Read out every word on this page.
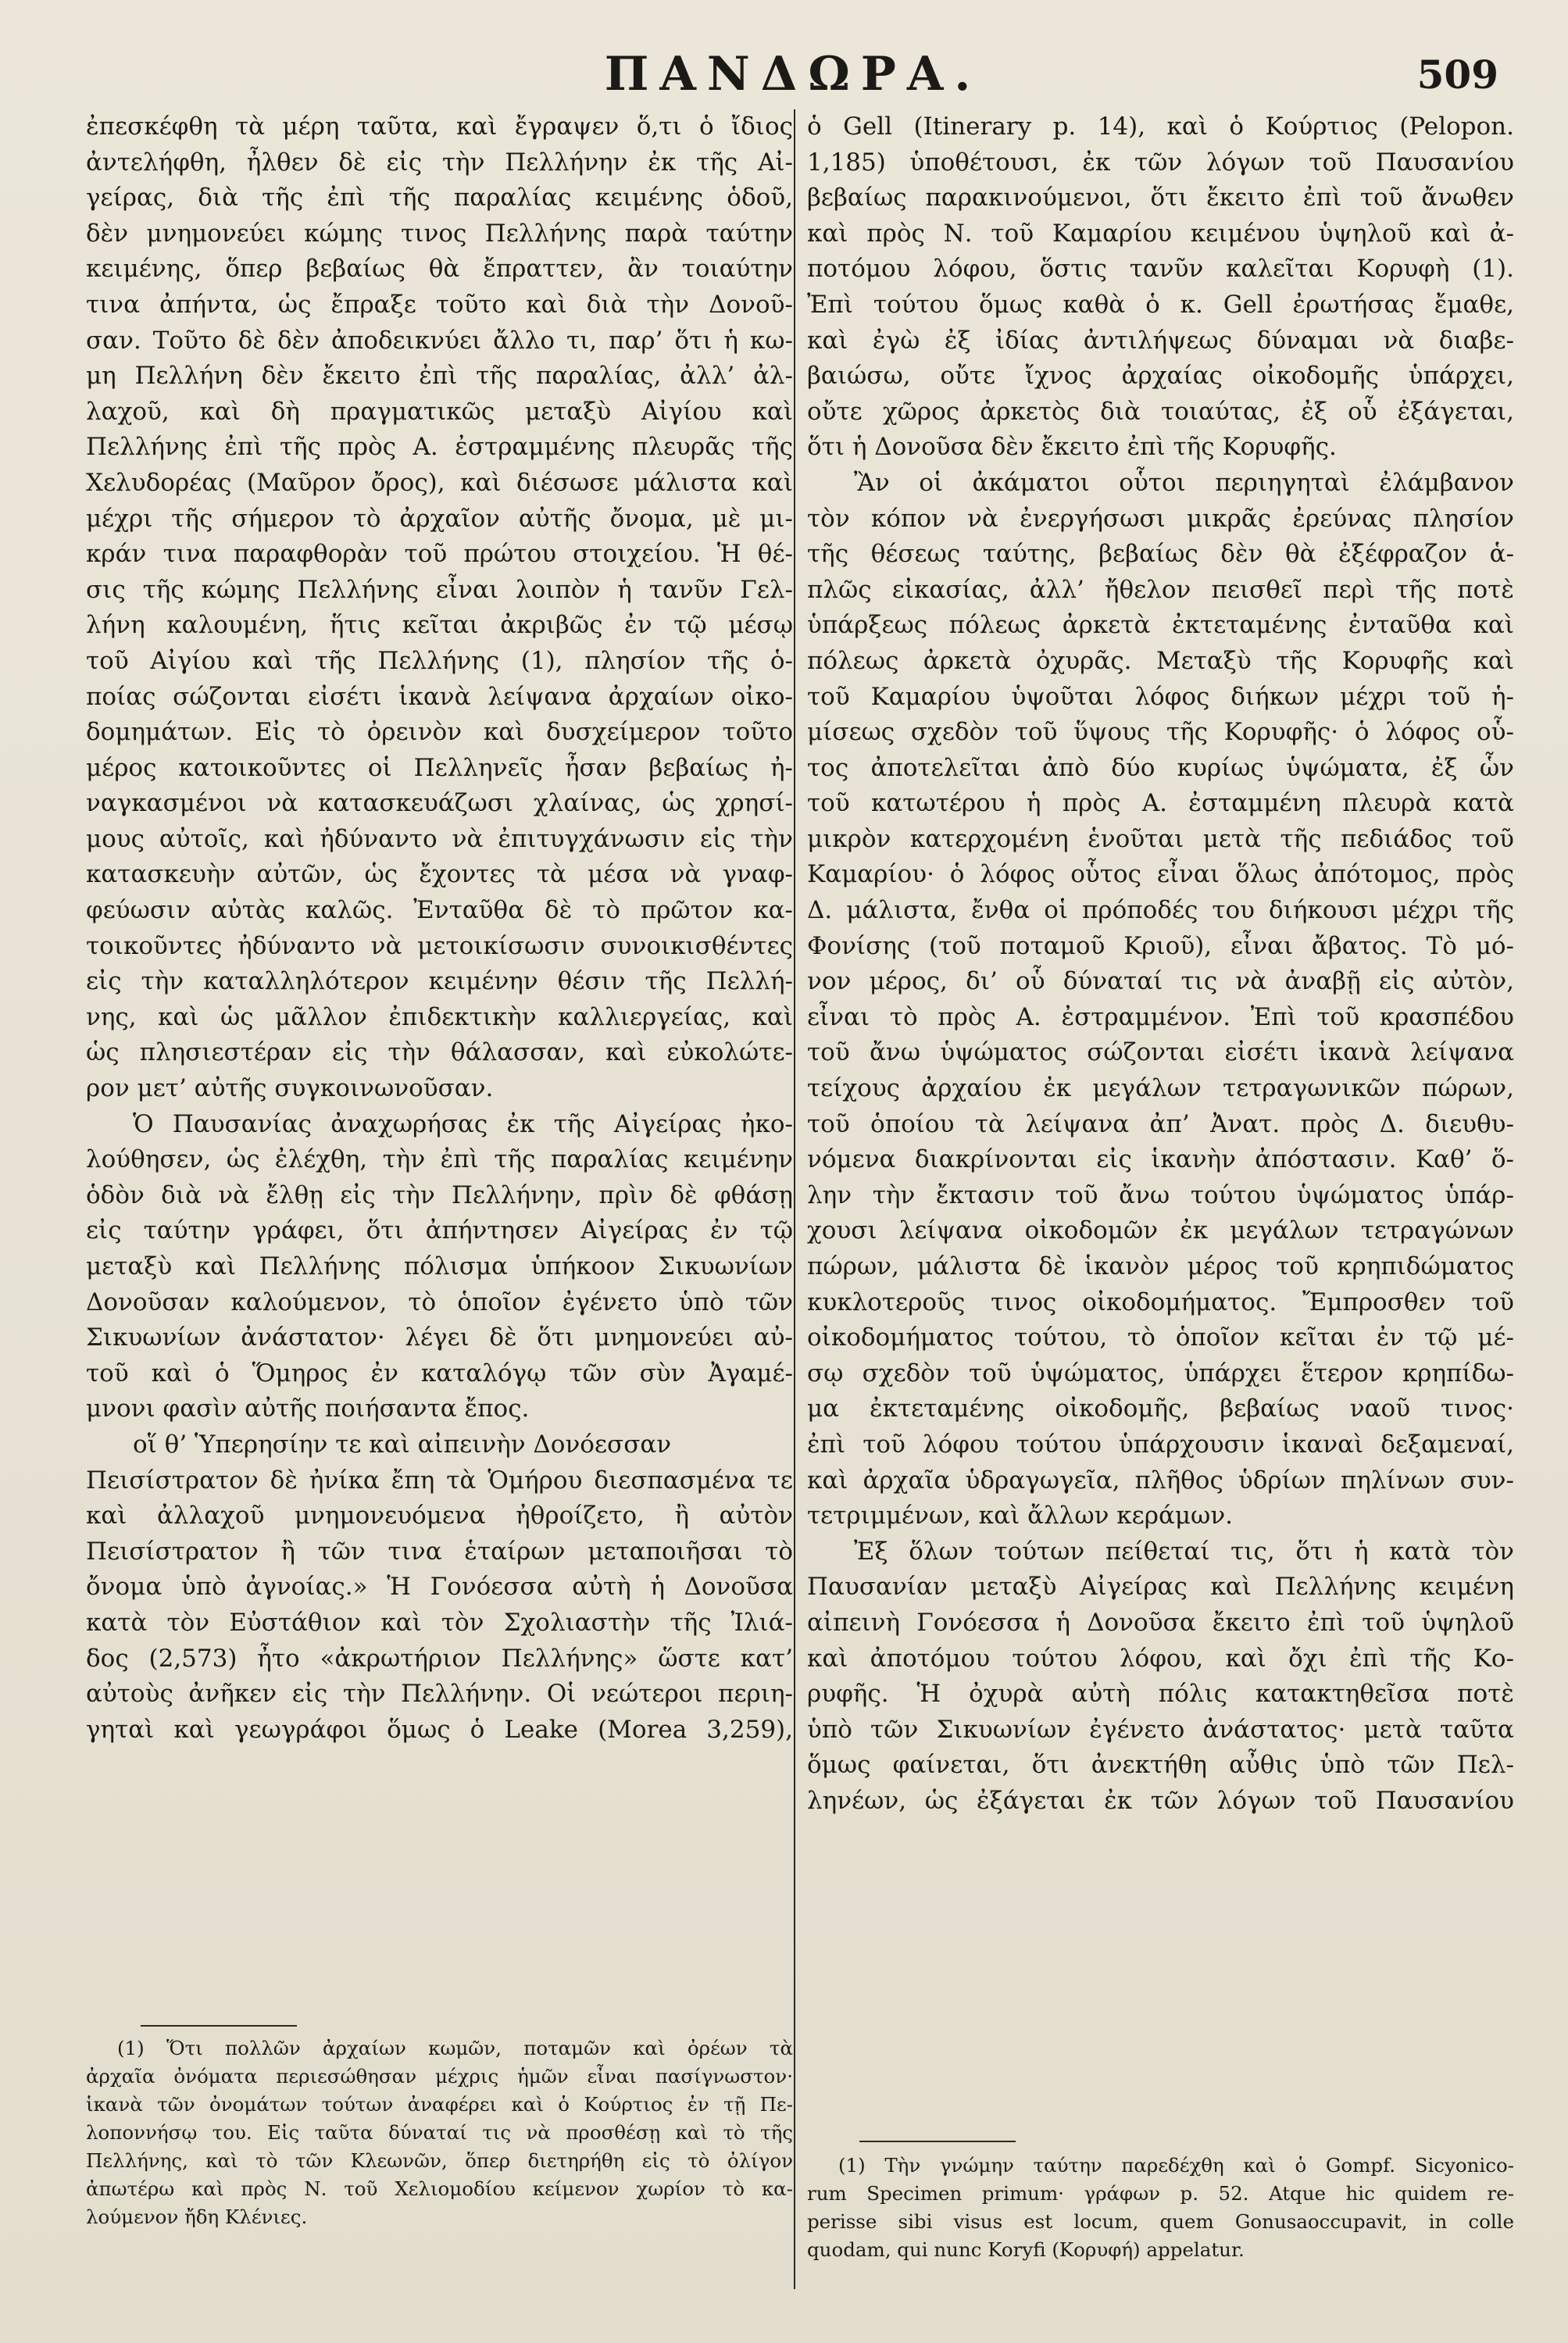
ΠΑΝΔΩΡΑ.	509
ἐπεσκέφθη τὰ μέρη ταῦτα, καὶ ἔγραψεν ὅ,τι ὁ ἴδιος
ἀντελήφθη, ἦλθεν δὲ εἰς τὴν Πελλήνην ἐκ τῆς Αἰ-
γείρας, διὰ τῆς ἐπὶ τῆς παραλίας κειμένης ὁδοῦ,
δὲν μνημονεύει κώμης τινος Πελλήνης παρὰ ταύτην
κειμένης, ὅπερ βεβαίως θὰ ἔπραττεν, ἂν τοιαύτην
τινα ἀπήντα, ὡς ἔπραξε τοῦτο καὶ διὰ τὴν Δονοῦ-
σαν. Τοῦτο δὲ δὲν ἀποδεικνύει ἄλλο τι, παρ’ ὅτι ἡ κω-
μη Πελλήνη δὲν ἔκειτο ἐπὶ τῆς παραλίας, ἀλλ’ ἀλ-
λαχοῦ, καὶ δὴ πραγματικῶς μεταξὺ Αἰγίου καὶ
Πελλήνης ἐπὶ τῆς πρὸς Α. ἐστραμμένης πλευρᾶς τῆς
Χελυδορέας (Μαῦρον ὄρος), καὶ διέσωσε μάλιστα καὶ
μέχρι τῆς σήμερον τὸ ἀρχαῖον αὐτῆς ὄνομα, μὲ μι-
κράν τινα παραφθορὰν τοῦ πρώτου στοιχείου. Ἡ θέ-
σις τῆς κώμης Πελλήνης εἶναι λοιπὸν ἡ τανῦν Γελ-
λήνη καλουμένη, ἥτις κεῖται ἀκριβῶς ἐν τῷ μέσῳ
τοῦ Αἰγίου καὶ τῆς Πελλήνης (1), πλησίον τῆς ὁ-
ποίας σώζονται εἰσέτι ἱκανὰ λείψανα ἀρχαίων οἰκο-
δομημάτων. Εἰς τὸ ὀρεινὸν καὶ δυσχείμερον τοῦτο
μέρος κατοικοῦντες οἱ Πελληνεῖς ἦσαν βεβαίως ἠ-
ναγκασμένοι νὰ κατασκευάζωσι χλαίνας, ὡς χρησί-
μους αὐτοῖς, καὶ ἠδύναντο νὰ ἐπιτυγχάνωσιν εἰς τὴν
κατασκευὴν αὐτῶν, ὡς ἔχοντες τὰ μέσα νὰ γναφ-
φεύωσιν αὐτὰς καλῶς. Ἐνταῦθα δὲ τὸ πρῶτον κα-
τοικοῦντες ἠδύναντο νὰ μετοικίσωσιν συνοικισθέντες
εἰς τὴν καταλληλότερον κειμένην θέσιν τῆς Πελλή-
νης, καὶ ὡς μᾶλλον ἐπιδεκτικὴν καλλιεργείας, καὶ
ὡς πλησιεστέραν εἰς τὴν θάλασσαν, καὶ εὐκολώτε-
ρον μετ’ αὐτῆς συγκοινωνοῦσαν.
Ὁ Παυσανίας ἀναχωρήσας ἐκ τῆς Αἰγείρας ἠκο-
λούθησεν, ὡς ἐλέχθη, τὴν ἐπὶ τῆς παραλίας κειμένην
ὁδὸν διὰ νὰ ἔλθῃ εἰς τὴν Πελλήνην, πρὶν δὲ φθάσῃ
εἰς ταύτην γράφει, ὅτι ἀπήντησεν Αἰγείρας ἐν τῷ
μεταξὺ καὶ Πελλήνης πόλισμα ὑπήκοον Σικυωνίων
Δονοῦσαν καλούμενον, τὸ ὁποῖον ἐγένετο ὑπὸ τῶν
Σικυωνίων ἀνάστατον· λέγει δὲ ὅτι μνημονεύει αὐ-
τοῦ καὶ ὁ Ὅμηρος ἐν καταλόγῳ τῶν σὺν Ἀγαμέ-
μνονι φασὶν αὐτῆς ποιήσαντα ἔπος.
οἵ θ’ Ὑπερησίην τε καὶ αἰπεινὴν Δονόεσσαν
Πεισίστρατον δὲ ἠνίκα ἔπη τὰ Ὁμήρου διεσπασμένα τε
καὶ ἀλλαχοῦ μνημονευόμενα ἠθροίζετο, ἢ αὐτὸν
Πεισίστρατον ἢ τῶν τινα ἑταίρων μεταποιῆσαι τὸ
ὄνομα ὑπὸ ἀγνοίας.» Ἡ Γονόεσσα αὐτὴ ἡ Δονοῦσα
κατὰ τὸν Εὐστάθιον καὶ τὸν Σχολιαστὴν τῆς Ἰλιά-
δος (2,573) ἦτο «ἀκρωτήριον Πελλήνης» ὥστε κατ’
αὐτοὺς ἀνῆκεν εἰς τὴν Πελλήνην. Οἱ νεώτεροι περιη-
γηταὶ καὶ γεωγράφοι ὅμως ὁ Leake (Morea 3,259),
ὁ Gell (Itinerary p. 14), καὶ ὁ Κούρτιος (Pelopon.
1,185) ὑποθέτουσι, ἐκ τῶν λόγων τοῦ Παυσανίου
βεβαίως παρακινούμενοι, ὅτι ἔκειτο ἐπὶ τοῦ ἄνωθεν
καὶ πρὸς Ν. τοῦ Καμαρίου κειμένου ὑψηλοῦ καὶ ἀ-
ποτόμου λόφου, ὅστις τανῦν καλεῖται Κορυφὴ (1).
Ἐπὶ τούτου ὅμως καθὰ ὁ κ. Gell ἐρωτήσας ἔμαθε,
καὶ ἐγὼ ἐξ ἰδίας ἀντιλήψεως δύναμαι νὰ διαβε-
βαιώσω, οὔτε ἴχνος ἀρχαίας οἰκοδομῆς ὑπάρχει,
οὔτε χῶρος ἀρκετὸς διὰ τοιαύτας, ἐξ οὗ ἐξάγεται,
ὅτι ἡ Δονοῦσα δὲν ἔκειτο ἐπὶ τῆς Κορυφῆς.
Ἂν οἱ ἀκάματοι οὗτοι περιηγηταὶ ἐλάμβανον
τὸν κόπον νὰ ἐνεργήσωσι μικρᾶς ἐρεύνας πλησίον
τῆς θέσεως ταύτης, βεβαίως δὲν θὰ ἐξέφραζον ἁ-
πλῶς εἰκασίας, ἀλλ’ ἤθελον πεισθεῖ περὶ τῆς ποτὲ
ὑπάρξεως πόλεως ἀρκετὰ ἐκτεταμένης ἐνταῦθα καὶ
πόλεως ἀρκετὰ ὀχυρᾶς. Μεταξὺ τῆς Κορυφῆς καὶ
τοῦ Καμαρίου ὑψοῦται λόφος διήκων μέχρι τοῦ ἡ-
μίσεως σχεδὸν τοῦ ὕψους τῆς Κορυφῆς· ὁ λόφος οὗ-
τος ἀποτελεῖται ἀπὸ δύο κυρίως ὑψώματα, ἐξ ὧν
τοῦ κατωτέρου ἡ πρὸς Α. ἐσταμμένη πλευρὰ κατὰ
μικρὸν κατερχομένη ἑνοῦται μετὰ τῆς πεδιάδος τοῦ
Καμαρίου· ὁ λόφος οὗτος εἶναι ὅλως ἀπότομος, πρὸς
Δ. μάλιστα, ἔνθα οἱ πρόποδές του διήκουσι μέχρι τῆς
Φονίσης (τοῦ ποταμοῦ Κριοῦ), εἶναι ἄβατος. Τὸ μό-
νον μέρος, δι’ οὗ δύναταί τις νὰ ἀναβῇ εἰς αὐτὸν,
εἶναι τὸ πρὸς Α. ἐστραμμένον. Ἐπὶ τοῦ κρασπέδου
τοῦ ἄνω ὑψώματος σώζονται εἰσέτι ἱκανὰ λείψανα
τείχους ἀρχαίου ἐκ μεγάλων τετραγωνικῶν πώρων,
τοῦ ὁποίου τὰ λείψανα ἀπ’ Ἀνατ. πρὸς Δ. διευθυ-
νόμενα διακρίνονται εἰς ἱκανὴν ἀπόστασιν. Καθ’ ὅ-
λην τὴν ἔκτασιν τοῦ ἄνω τούτου ὑψώματος ὑπάρ-
χουσι λείψανα οἰκοδομῶν ἐκ μεγάλων τετραγώνων
πώρων, μάλιστα δὲ ἱκανὸν μέρος τοῦ κρηπιδώματος
κυκλοτεροῦς τινος οἰκοδομήματος. Ἔμπροσθεν τοῦ
οἰκοδομήματος τούτου, τὸ ὁποῖον κεῖται ἐν τῷ μέ-
σῳ σχεδὸν τοῦ ὑψώματος, ὑπάρχει ἕτερον κρηπίδω-
μα ἐκτεταμένης οἰκοδομῆς, βεβαίως ναοῦ τινος·
ἐπὶ τοῦ λόφου τούτου ὑπάρχουσιν ἱκαναὶ δεξαμεναί,
καὶ ἀρχαῖα ὑδραγωγεῖα, πλῆθος ὑδρίων πηλίνων συν-
τετριμμένων, καὶ ἄλλων κεράμων.
Ἐξ ὅλων τούτων πείθεταί τις, ὅτι ἡ κατὰ τὸν
Παυσανίαν μεταξὺ Αἰγείρας καὶ Πελλήνης κειμένη
αἰπεινὴ Γονόεσσα ἡ Δονοῦσα ἔκειτο ἐπὶ τοῦ ὑψηλοῦ
καὶ ἀποτόμου τούτου λόφου, καὶ ὄχι ἐπὶ τῆς Κο-
ρυφῆς. Ἡ ὀχυρὰ αὐτὴ πόλις κατακτηθεῖσα ποτὲ
ὑπὸ τῶν Σικυωνίων ἐγένετο ἀνάστατος· μετὰ ταῦτα
ὅμως φαίνεται, ὅτι ἀνεκτήθη αὖθις ὑπὸ τῶν Πελ-
ληνέων, ὡς ἐξάγεται ἐκ τῶν λόγων τοῦ Παυσανίου
(1) Ὅτι πολλῶν ἀρχαίων κωμῶν, ποταμῶν καὶ ὀρέων τὰ
ἀρχαῖα ὀνόματα περιεσώθησαν μέχρις ἡμῶν εἶναι πασίγνωστον·
ἱκανὰ τῶν ὀνομάτων τούτων ἀναφέρει καὶ ὁ Κούρτιος ἐν τῇ Πε-
λοποννήσῳ του. Εἰς ταῦτα δύναταί τις νὰ προσθέσῃ καὶ τὸ τῆς
Πελλήνης, καὶ τὸ τῶν Κλεωνῶν, ὅπερ διετηρήθη εἰς τὸ ὀλίγον
ἀπωτέρω καὶ πρὸς Ν. τοῦ Χελιομοδίου κείμενον χωρίον τὸ κα-
λούμενον ἤδη Κλένιες.
(1) Τὴν γνώμην ταύτην παρεδέχθη καὶ ὁ Gompf. Sicyonico-
rum Specimen primum· γράφων p. 52. Atque hic quidem re-
perisse sibi visus est locum, quem Gonusaoccupavit, in colle
quodam, qui nunc Koryfi (Κορυφή) appelatur.
